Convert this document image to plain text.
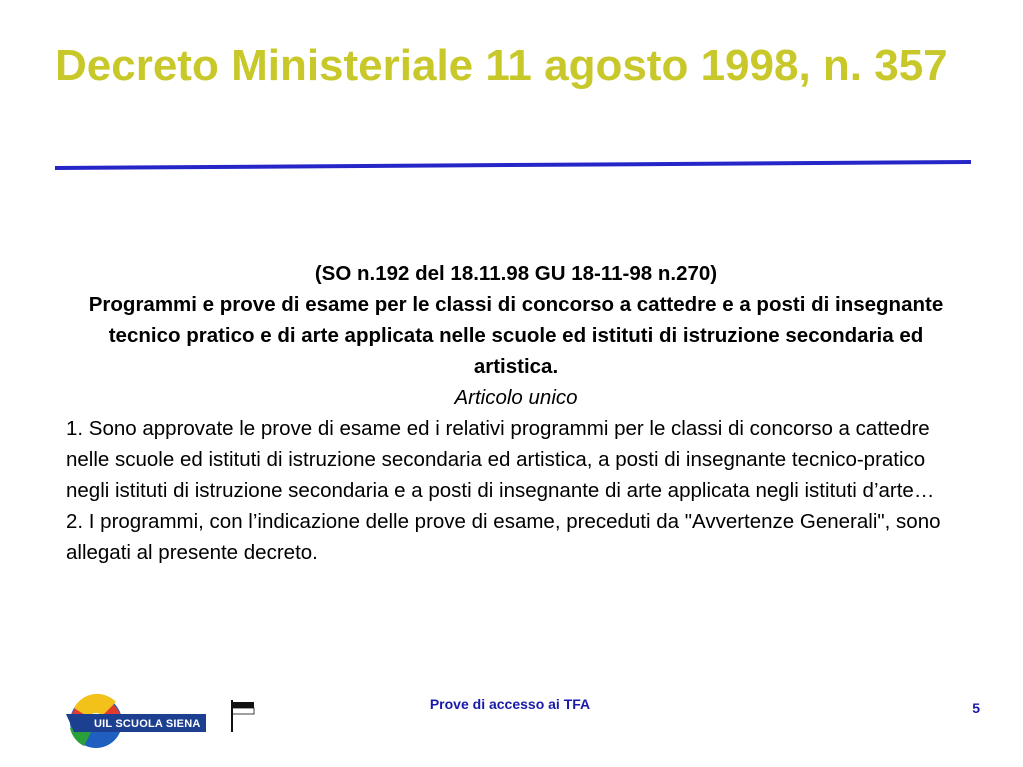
Decreto Ministeriale 11 agosto 1998, n. 357

(SO n.192 del 18.11.98 GU 18-11-98 n.270)

Programmi e prove di esame per le classi di concorso a cattedre e a posti di insegnante tecnico pratico e di arte applicata nelle scuole ed istituti di istruzione secondaria ed artistica.

Articolo unico

1. Sono approvate le prove di esame ed i relativi programmi per le classi di concorso a cattedre nelle scuole ed istituti di istruzione secondaria ed artistica, a posti di insegnante tecnico-pratico negli istituti di istruzione secondaria e a posti di insegnante di arte applicata negli istituti d’arte…

2. I programmi, con l’indicazione delle prove di esame, preceduti da "Avvertenze Generali", sono allegati al presente decreto.

UIL SCUOLA SIENA
Prove di accesso ai TFA	5
